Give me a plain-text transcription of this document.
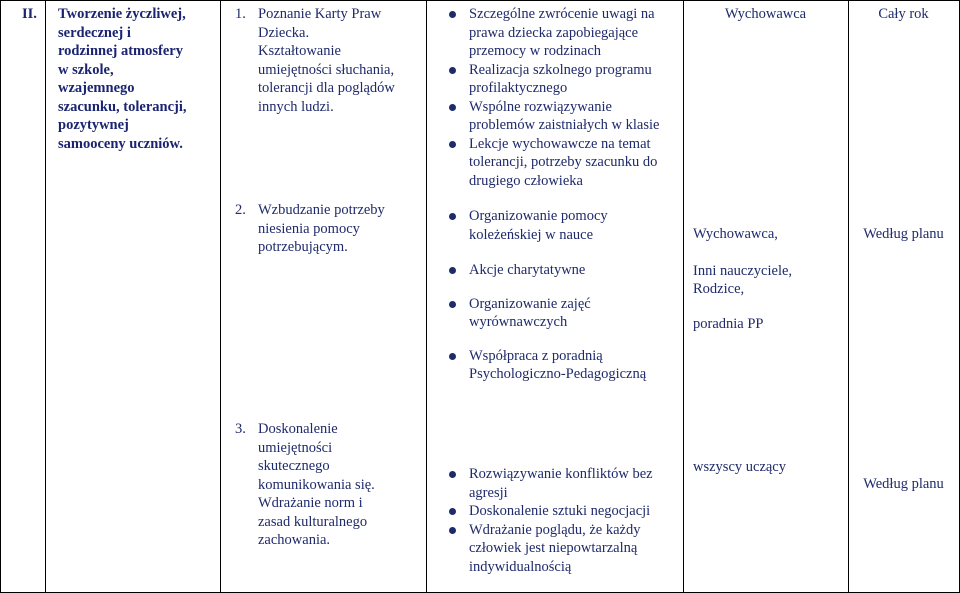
II. Tworzenie życzliwej,
serdecznej i
rodzinnej atmosfery
w szkole,
wzajemnego
szacunku, tolerancji,
pozytywnej
samooceny uczniów.
1. Poznanie Karty Praw
Dziecka.
Kształtowanie
umiejętności słuchania,
tolerancji dla poglądów
innych ludzi.
Szczególne zwrócenie uwagi na
prawa dziecka zapobiegające
przemocy w rodzinach
Realizacja szkolnego programu
profilaktycznego
Wspólne rozwiązywanie
problemów zaistniałych w klasie
Lekcje wychowawcze na temat
tolerancji, potrzeby szacunku do
drugiego człowieka
Wychowawca	Cały rok
2. Wzbudzanie potrzeby
niesienia pomocy
potrzebującym.
Organizowanie pomocy
koleżeńskiej w nauce
Akcje charytatywne
Organizowanie zajęć
wyrównawczych
Współpraca z poradnią
Psychologiczno-Pedagogiczną
Wychowawca,
Inni nauczyciele,
Rodzice,
poradnia PP
Według planu
3. Doskonalenie
umiejętności
skutecznego
komunikowania się.
Wdrażanie norm i
zasad kulturalnego
zachowania.
Rozwiązywanie konfliktów bez
agresji
Doskonalenie sztuki negocjacji
Wdrażanie poglądu, że każdy
człowiek jest niepowtarzalną
indywidualnością
wszyscy uczący
Według planu
